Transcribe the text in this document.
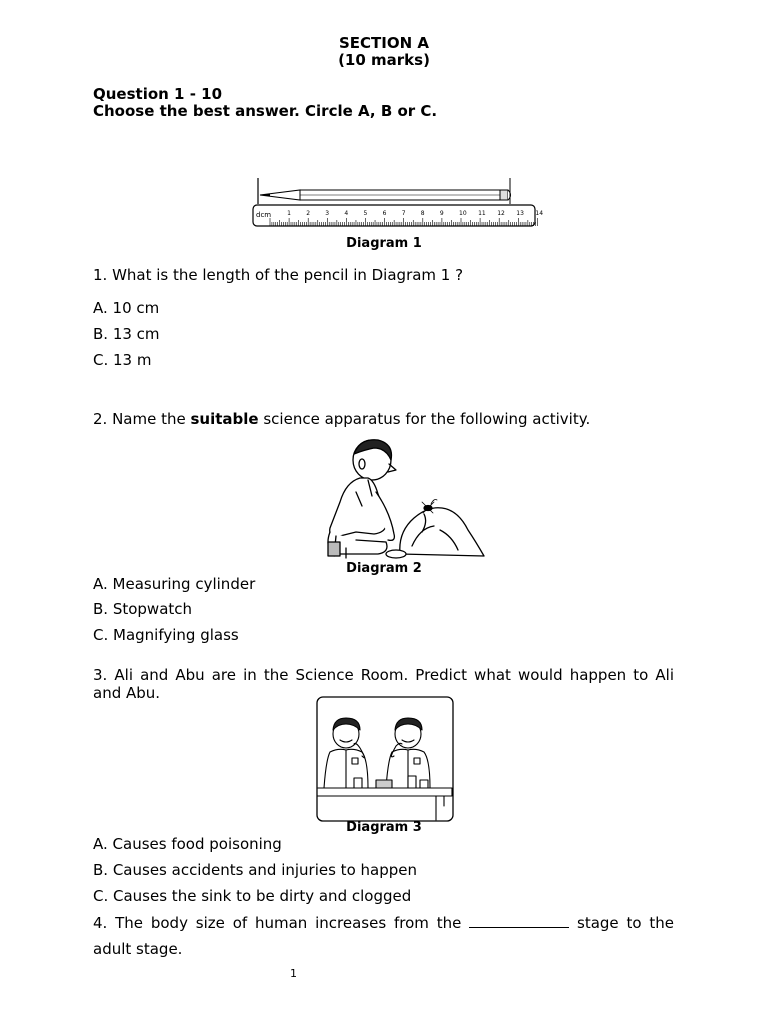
SECTION A
(10 marks)
Question 1 - 10
Choose the best answer. Circle A, B or C.
dcm	1	2	3	4	5	6	7	8	9	10 11 12 13 14
Diagram 1
1. What is the length of the pencil in Diagram 1 ?
A. 10 cm
B. 13 cm
C. 13 m
2. Name the suitable science apparatus for the following activity.
Diagram 2
A. Measuring cylinder
B. Stopwatch
C. Magnifying glass
3. Ali and Abu are in the Science Room. Predict what would happen to Ali and Abu.
Diagram 3
A. Causes food poisoning
B. Causes accidents and injuries to happen
C. Causes the sink to be dirty and clogged
4. The body size of human increases from the	stage to the adult stage.
1
